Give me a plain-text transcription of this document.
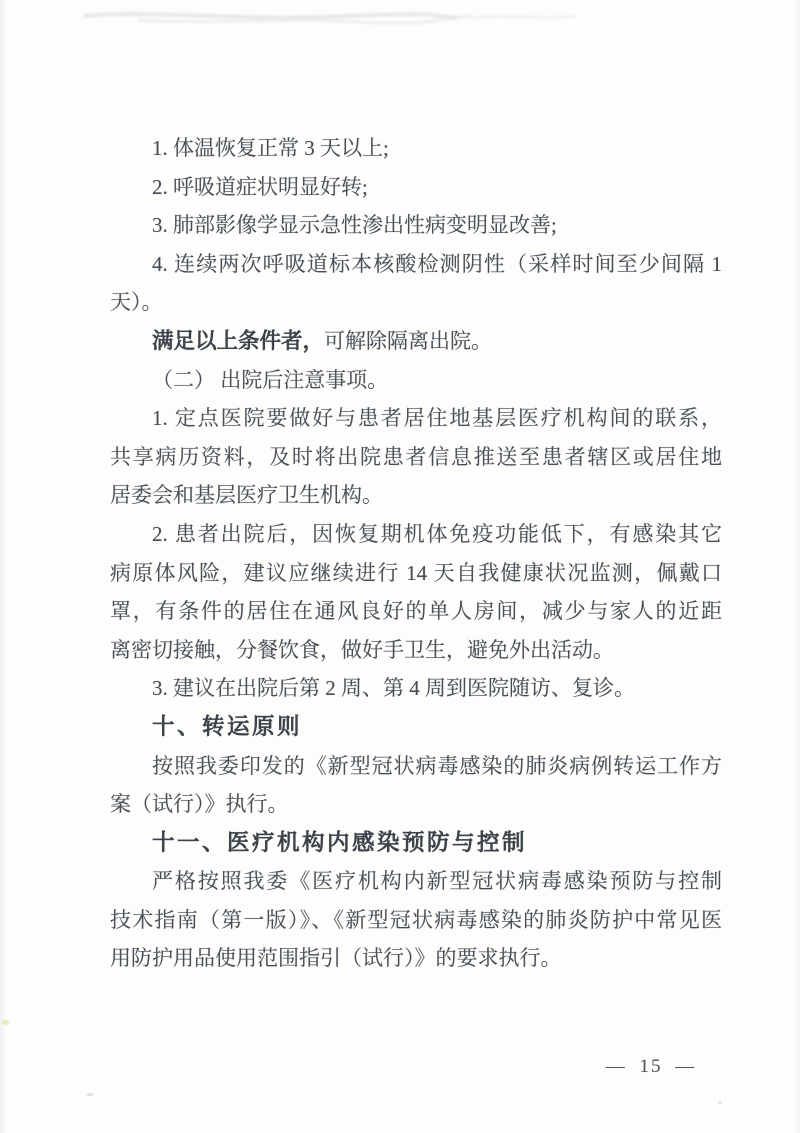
1. 体温恢复正常 3 天以上;
2. 呼吸道症状明显好转;
3. 肺部影像学显示急性渗出性病变明显改善;
4. 连续两次呼吸道标本核酸检测阴性（采样时间至少间隔 1
天）。
满足以上条件者，可解除隔离出院。
（二） 出院后注意事项。
1. 定点医院要做好与患者居住地基层医疗机构间的联系，
共享病历资料，及时将出院患者信息推送至患者辖区或居住地
居委会和基层医疗卫生机构。
2. 患者出院后，因恢复期机体免疫功能低下，有感染其它
病原体风险，建议应继续进行 14 天自我健康状况监测，佩戴口
罩，有条件的居住在通风良好的单人房间，减少与家人的近距
离密切接触，分餐饮食，做好手卫生，避免外出活动。
3. 建议在出院后第 2 周、第 4 周到医院随访、复诊。
十、转运原则
按照我委印发的《新型冠状病毒感染的肺炎病例转运工作方
案（试行）》执行。
十一、医疗机构内感染预防与控制
严格按照我委《医疗机构内新型冠状病毒感染预防与控制
技术指南（第一版）》、《新型冠状病毒感染的肺炎防护中常见医
用防护用品使用范围指引（试行）》的要求执行。
— 15 —
